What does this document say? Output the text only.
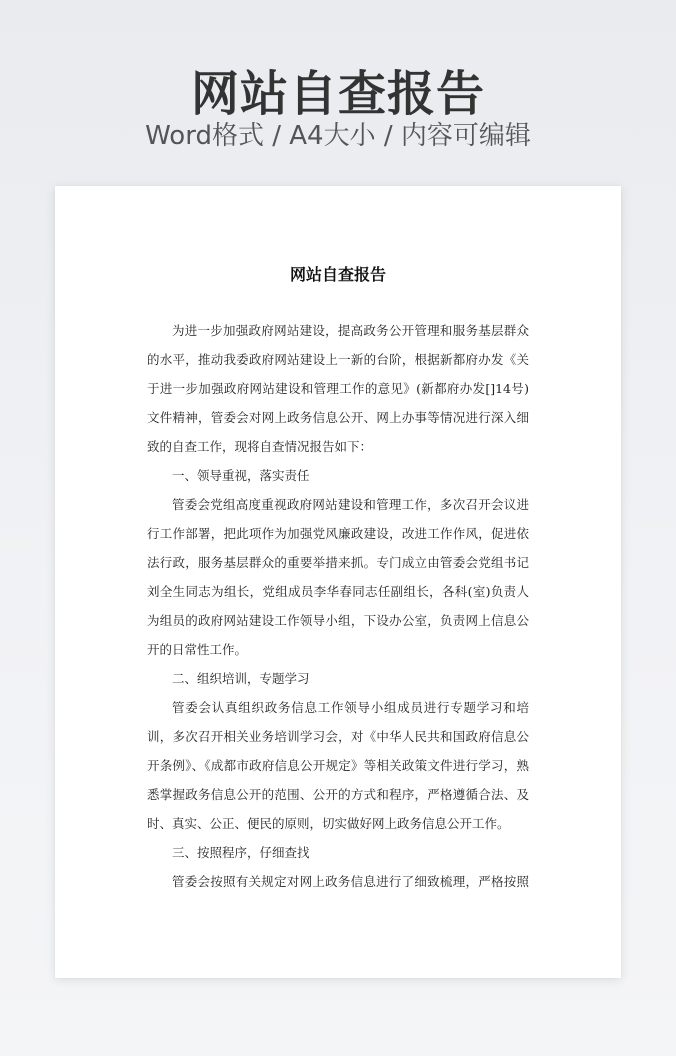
网站自查报告
Word格式 / A4大小 / 内容可编辑
网站自查报告
为进一步加强政府网站建设，提高政务公开管理和服务基层群众
的水平，推动我委政府网站建设上一新的台阶，根据新都府办发《关
于进一步加强政府网站建设和管理工作的意见》(新都府办发[]14号)
文件精神，管委会对网上政务信息公开、网上办事等情况进行深入细
致的自查工作，现将自查情况报告如下：
一、领导重视，落实责任
管委会党组高度重视政府网站建设和管理工作，多次召开会议进
行工作部署，把此项作为加强党风廉政建设，改进工作作风，促进依
法行政，服务基层群众的重要举措来抓。专门成立由管委会党组书记
刘全生同志为组长，党组成员李华春同志任副组长，各科(室)负责人
为组员的政府网站建设工作领导小组，下设办公室，负责网上信息公
开的日常性工作。
二、组织培训，专题学习
管委会认真组织政务信息工作领导小组成员进行专题学习和培
训，多次召开相关业务培训学习会，对《中华人民共和国政府信息公
开条例》、《成都市政府信息公开规定》等相关政策文件进行学习，熟
悉掌握政务信息公开的范围、公开的方式和程序，严格遵循合法、及
时、真实、公正、便民的原则，切实做好网上政务信息公开工作。
三、按照程序，仔细查找
管委会按照有关规定对网上政务信息进行了细致梳理，严格按照
